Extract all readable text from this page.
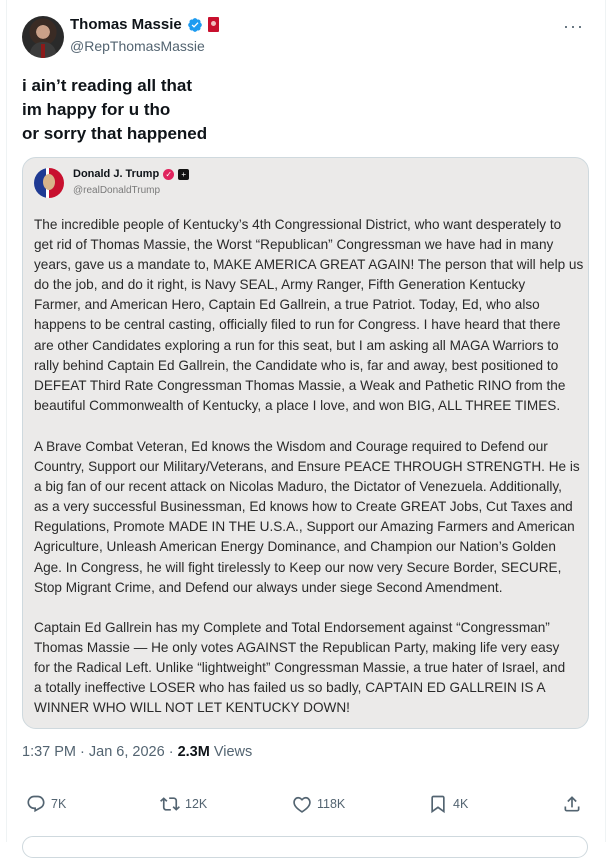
Thomas Massie
@RepThomasMassie
···
i ain’t reading all that
im happy for u tho
or sorry that happened
Donald J. Trump ✓	+
@realDonaldTrump
The incredible people of Kentucky’s 4th Congressional District, who want desperately to
get rid of Thomas Massie, the Worst “Republican” Congressman we have had in many
years, gave us a mandate to, MAKE AMERICA GREAT AGAIN! The person that will help us
do the job, and do it right, is Navy SEAL, Army Ranger, Fifth Generation Kentucky
Farmer, and American Hero, Captain Ed Gallrein, a true Patriot. Today, Ed, who also
happens to be central casting, officially filed to run for Congress. I have heard that there
are other Candidates exploring a run for this seat, but I am asking all MAGA Warriors to
rally behind Captain Ed Gallrein, the Candidate who is, far and away, best positioned to
DEFEAT Third Rate Congressman Thomas Massie, a Weak and Pathetic RINO from the
beautiful Commonwealth of Kentucky, a place I love, and won BIG, ALL THREE TIMES.
A Brave Combat Veteran, Ed knows the Wisdom and Courage required to Defend our
Country, Support our Military/Veterans, and Ensure PEACE THROUGH STRENGTH. He is
a big fan of our recent attack on Nicolas Maduro, the Dictator of Venezuela. Additionally,
as a very successful Businessman, Ed knows how to Create GREAT Jobs, Cut Taxes and
Regulations, Promote MADE IN THE U.S.A., Support our Amazing Farmers and American
Agriculture, Unleash American Energy Dominance, and Champion our Nation’s Golden
Age. In Congress, he will fight tirelessly to Keep our now very Secure Border, SECURE,
Stop Migrant Crime, and Defend our always under siege Second Amendment.
Captain Ed Gallrein has my Complete and Total Endorsement against “Congressman”
Thomas Massie — He only votes AGAINST the Republican Party, making life very easy
for the Radical Left. Unlike “lightweight” Congressman Massie, a true hater of Israel, and
a totally ineffective LOSER who has failed us so badly, CAPTAIN ED GALLREIN IS A
WINNER WHO WILL NOT LET KENTUCKY DOWN!
1:37 PM · Jan 6, 2026 · 2.3M Views
7K	12K	118K	4K
